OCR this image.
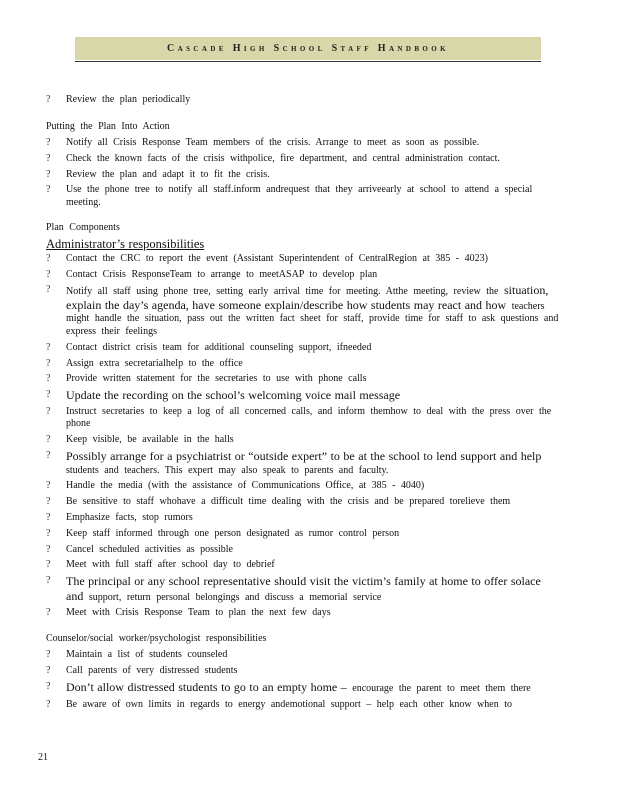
Cascade High School Staff Handbook
?	Review the plan periodically
Putting the Plan Into Action
?	Notify all Crisis Response Team members of the crisis. Arrange to meet as soon as possible.
?	Check the known facts of the crisis withpolice, fire department, and central administration contact.
?	Review the plan and adapt it to fit the crisis.
?	Use the phone tree to notify all staff.inform andrequest that they arriveearly at school to attend a special meeting.
Plan Components
Administrator’s responsibilities
?	Contact the CRC to report the event (Assistant Superintendent of CentralRegion at 385 - 4023)
?	Contact Crisis ResponseTeam to arrange to meetASAP to develop plan
?	Notify all staff using phone tree, setting early arrival time for meeting. Atthe meeting, review the situation, explain the day’s agenda, have someone explain/describe how students may react and how teachers might handle the situation, pass out the written fact sheet for staff, provide time for staff to ask questions and express their feelings
?	Contact district crisis team for additional counseling support, ifneeded
?	Assign extra secretarialhelp to the office
?	Provide written statement for the secretaries to use with phone calls
?	Update the recording on the school’s welcoming voice mail message
?	Instruct secretaries to keep a log of all concerned calls, and inform themhow to deal with the press over the phone
?	Keep visible, be available in the halls
?	Possibly arrange for a psychiatrist or “outside expert” to be at the school to lend support and help students and teachers. This expert may also speak to parents and faculty.
?	Handle the media (with the assistance of Communications Office, at 385 - 4040)
?	Be sensitive to staff whohave a difficult time dealing with the crisis and be prepared torelieve them
?	Emphasize facts, stop rumors
?	Keep staff informed through one person designated as rumor control person
?	Cancel scheduled activities as possible
?	Meet with full staff after school day to debrief
?	The principal or any school representative should visit the victim’s family at home to offer solace and support, return personal belongings and discuss a memorial service
?	Meet with Crisis Response Team to plan the next few days
Counselor/social worker/psychologist responsibilities
?	Maintain a list of students counseled
?	Call parents of very distressed students
?	Don’t allow distressed students to go to an empty home – encourage the parent to meet them there
?	Be aware of own limits in regards to energy andemotional support – help each other know when to
21
